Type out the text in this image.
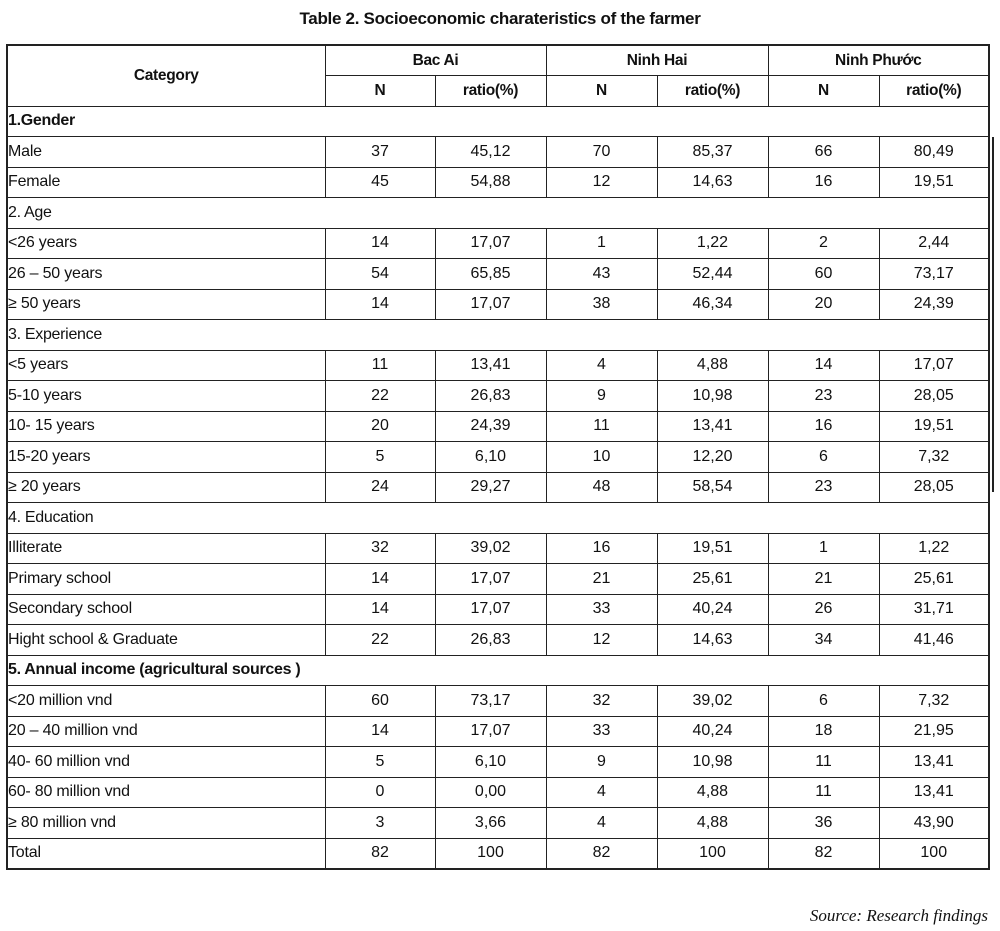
Table 2. Socioeconomic charateristics of the farmer
Category	Bac Ai		Ninh Hai		Ninh Phước	
	N	ratio(%)	N	ratio(%)	N	ratio(%)
1.Gender						
Male	37	45,12	70	85,37	66	80,49
Female	45	54,88	12	14,63	16	19,51
2. Age						
<26 years	14	17,07	1	1,22	2	2,44
26 – 50 years	54	65,85	43	52,44	60	73,17
≥ 50 years	14	17,07	38	46,34	20	24,39
3. Experience						
<5 years	11	13,41	4	4,88	14	17,07
5-10 years	22	26,83	9	10,98	23	28,05
10- 15 years	20	24,39	11	13,41	16	19,51
15-20 years	5	6,10	10	12,20	6	7,32
≥ 20 years	24	29,27	48	58,54	23	28,05
4. Education						
Illiterate	32	39,02	16	19,51	1	1,22
Primary school	14	17,07	21	25,61	21	25,61
Secondary school	14	17,07	33	40,24	26	31,71
Hight school & Graduate	22	26,83	12	14,63	34	41,46
5. Annual income (agricultural sources )						
<20 million vnd	60	73,17	32	39,02	6	7,32
20 – 40 million vnd	14	17,07	33	40,24	18	21,95
40- 60 million vnd	5	6,10	9	10,98	11	13,41
60- 80 million vnd	0	0,00	4	4,88	11	13,41
≥ 80 million vnd	3	3,66	4	4,88	36	43,90
Total	82	100	82	100	82	100
Source: Research findings
